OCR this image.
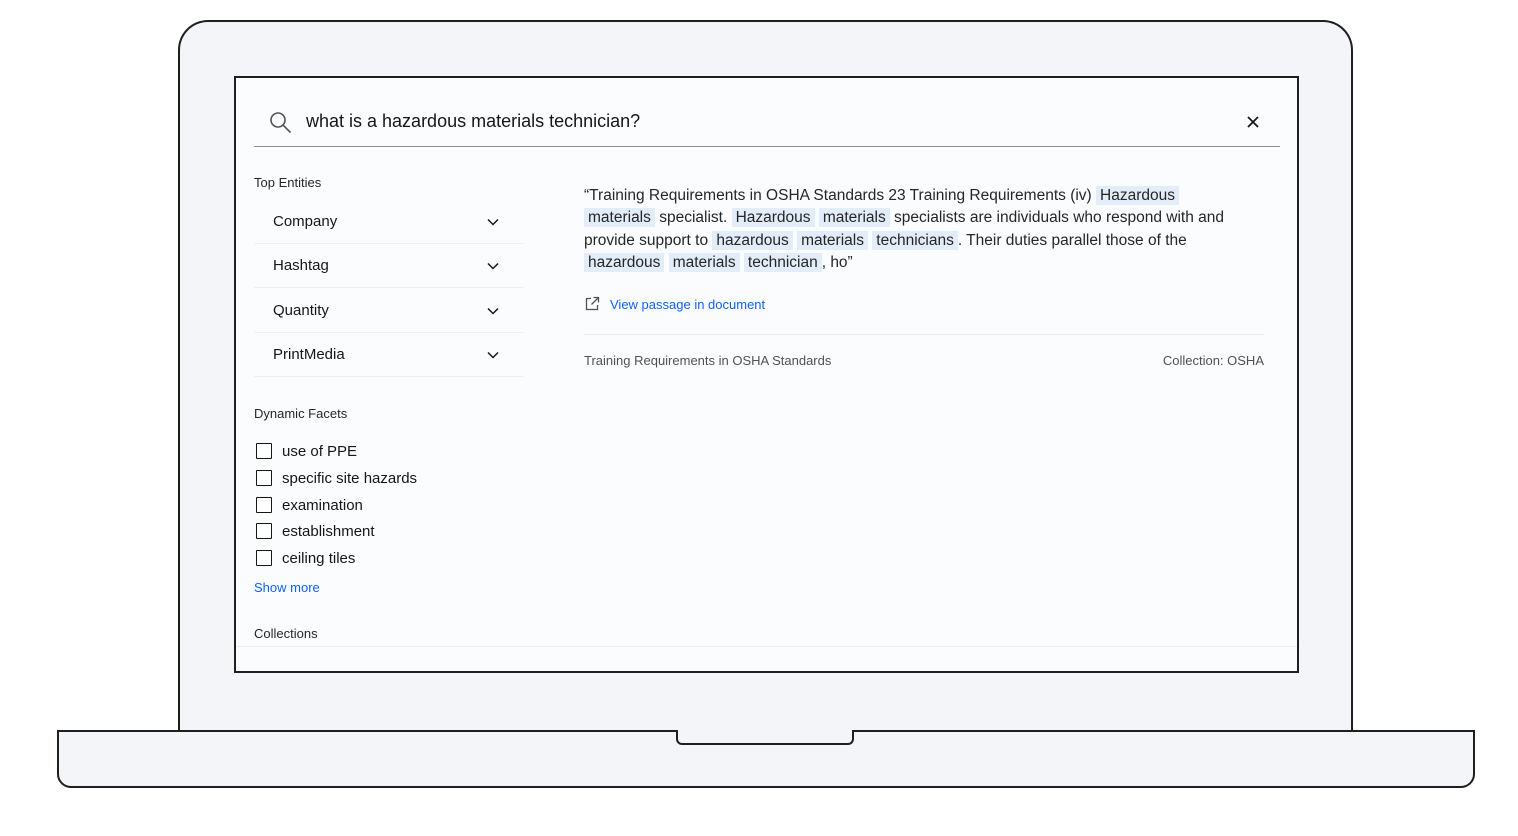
what is a hazardous materials technician?
Top Entities
Company
Hashtag
Quantity
PrintMedia
Dynamic Facets
use of PPE
specific site hazards
examination
establishment
ceiling tiles
Show more
Collections
“Training Requirements in OSHA Standards 23 Training Requirements (iv) Hazardous materials specialist. Hazardous materials specialists are individuals who respond with and provide support to hazardous materials technicians . Their duties parallel those of the hazardous materials technician , ho”
View passage in document
Training Requirements in OSHA Standards	Collection: OSHA
